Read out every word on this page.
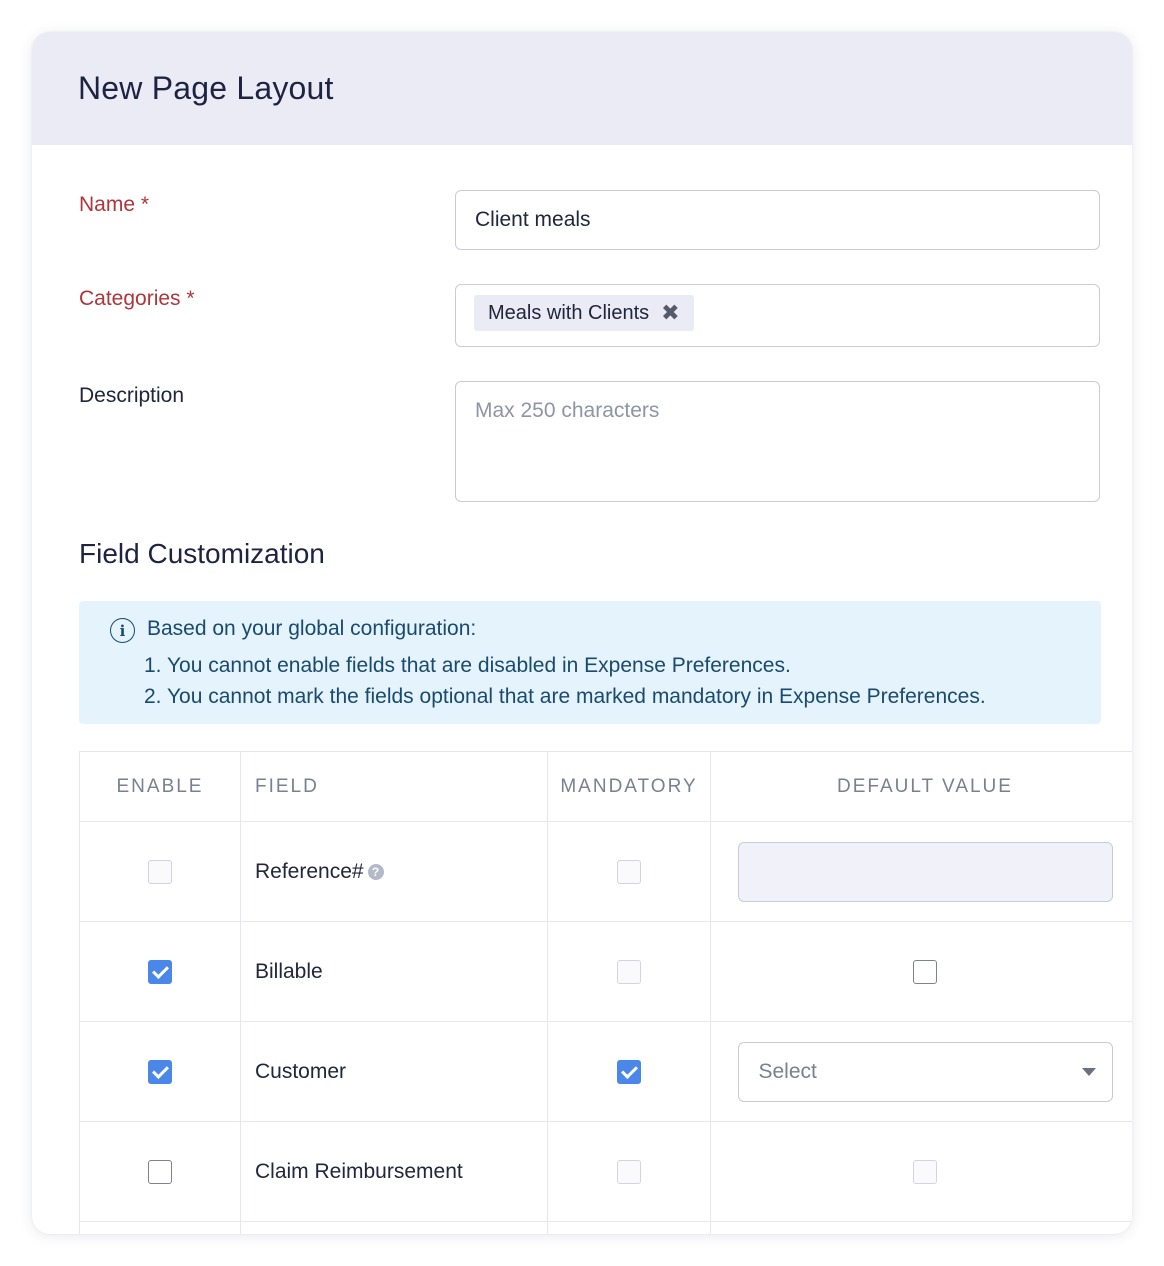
New Page Layout
Name *
Client meals
Categories *
Meals with Clients ✖
Description
Max 250 characters
Field Customization
i	Based on your global configuration:
1. You cannot enable fields that are disabled in Expense Preferences.
2. You cannot mark the fields optional that are marked mandatory in Expense Preferences.
ENABLE	FIELD	MANDATORY	DEFAULT VALUE
	Reference# ?		

	Billable		
	Customer		Select

	Claim Reimbursement		
